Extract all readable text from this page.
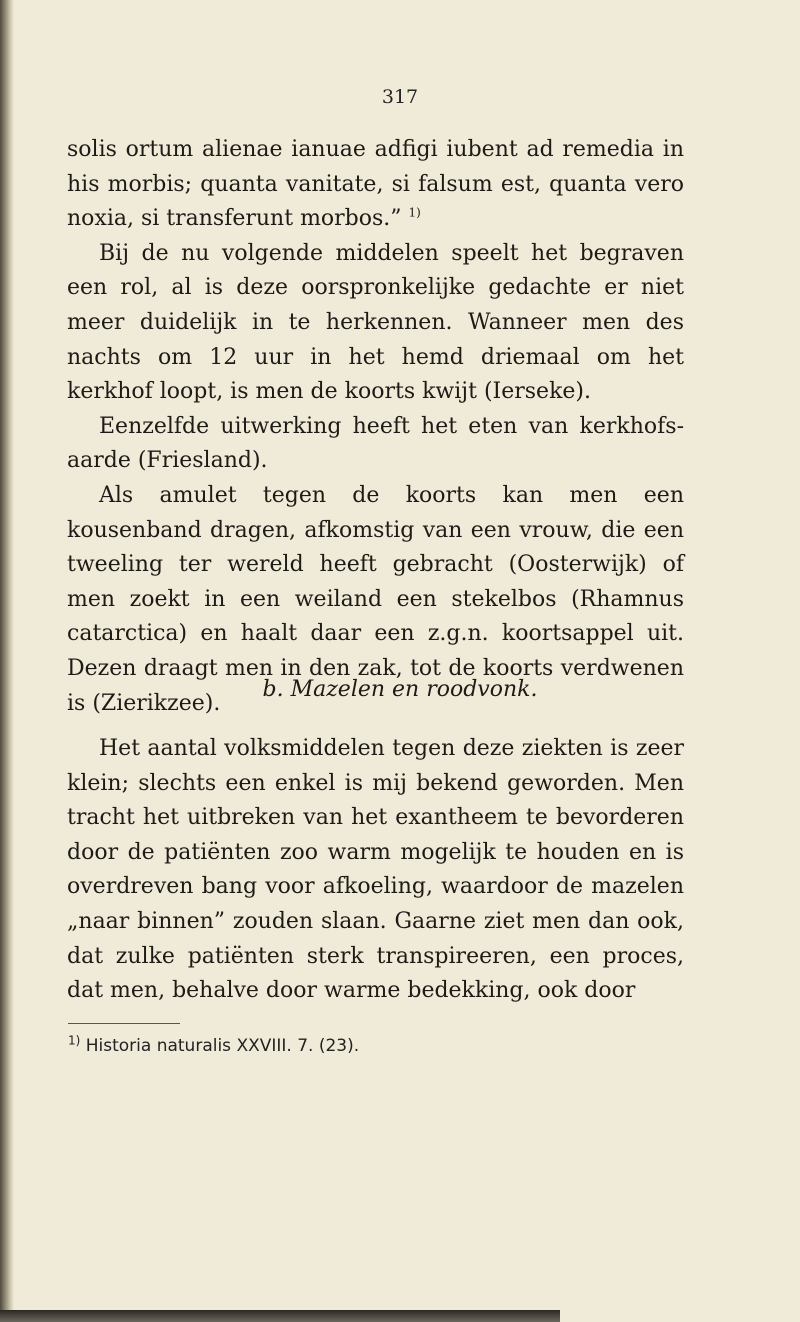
317

solis ortum alienae ianuae adfigi iubent ad remedia in his morbis; quanta vanitate, si falsum est, quanta vero noxia, si transferunt morbos.” $^{1)}$

Bij de nu volgende middelen speelt het begraven een rol, al is deze oorspronkelijke gedachte er niet meer duidelijk in te herkennen. Wanneer men des nachts om 12 uur in het hemd driemaal om het kerkhof loopt, is men de koorts kwijt (Ierseke).

Eenzelfde uitwerking heeft het eten van kerkhofs-aarde (Friesland).

Als amulet tegen de koorts kan men een kousenband dragen, afkomstig van een vrouw, die een tweeling ter wereld heeft gebracht (Oosterwijk) of men zoekt in een weiland een stekelbos (Rhamnus catarctica) en haalt daar een z.g.n. koortsappel uit. Dezen draagt men in den zak, tot de koorts verdwenen is (Zierikzee).

b. Mazelen en roodvonk.

Het aantal volksmiddelen tegen deze ziekten is zeer klein; slechts een enkel is mij bekend geworden. Men tracht het uitbreken van het exantheem te bevorderen door de patiënten zoo warm mogelijk te houden en is overdreven bang voor afkoeling, waardoor de mazelen „naar binnen” zouden slaan. Gaarne ziet men dan ook, dat zulke patiënten sterk transpireeren, een proces, dat men, behalve door warme bedekking, ook door

$^{1)}$ Historia naturalis XXVIII. 7. (23).
